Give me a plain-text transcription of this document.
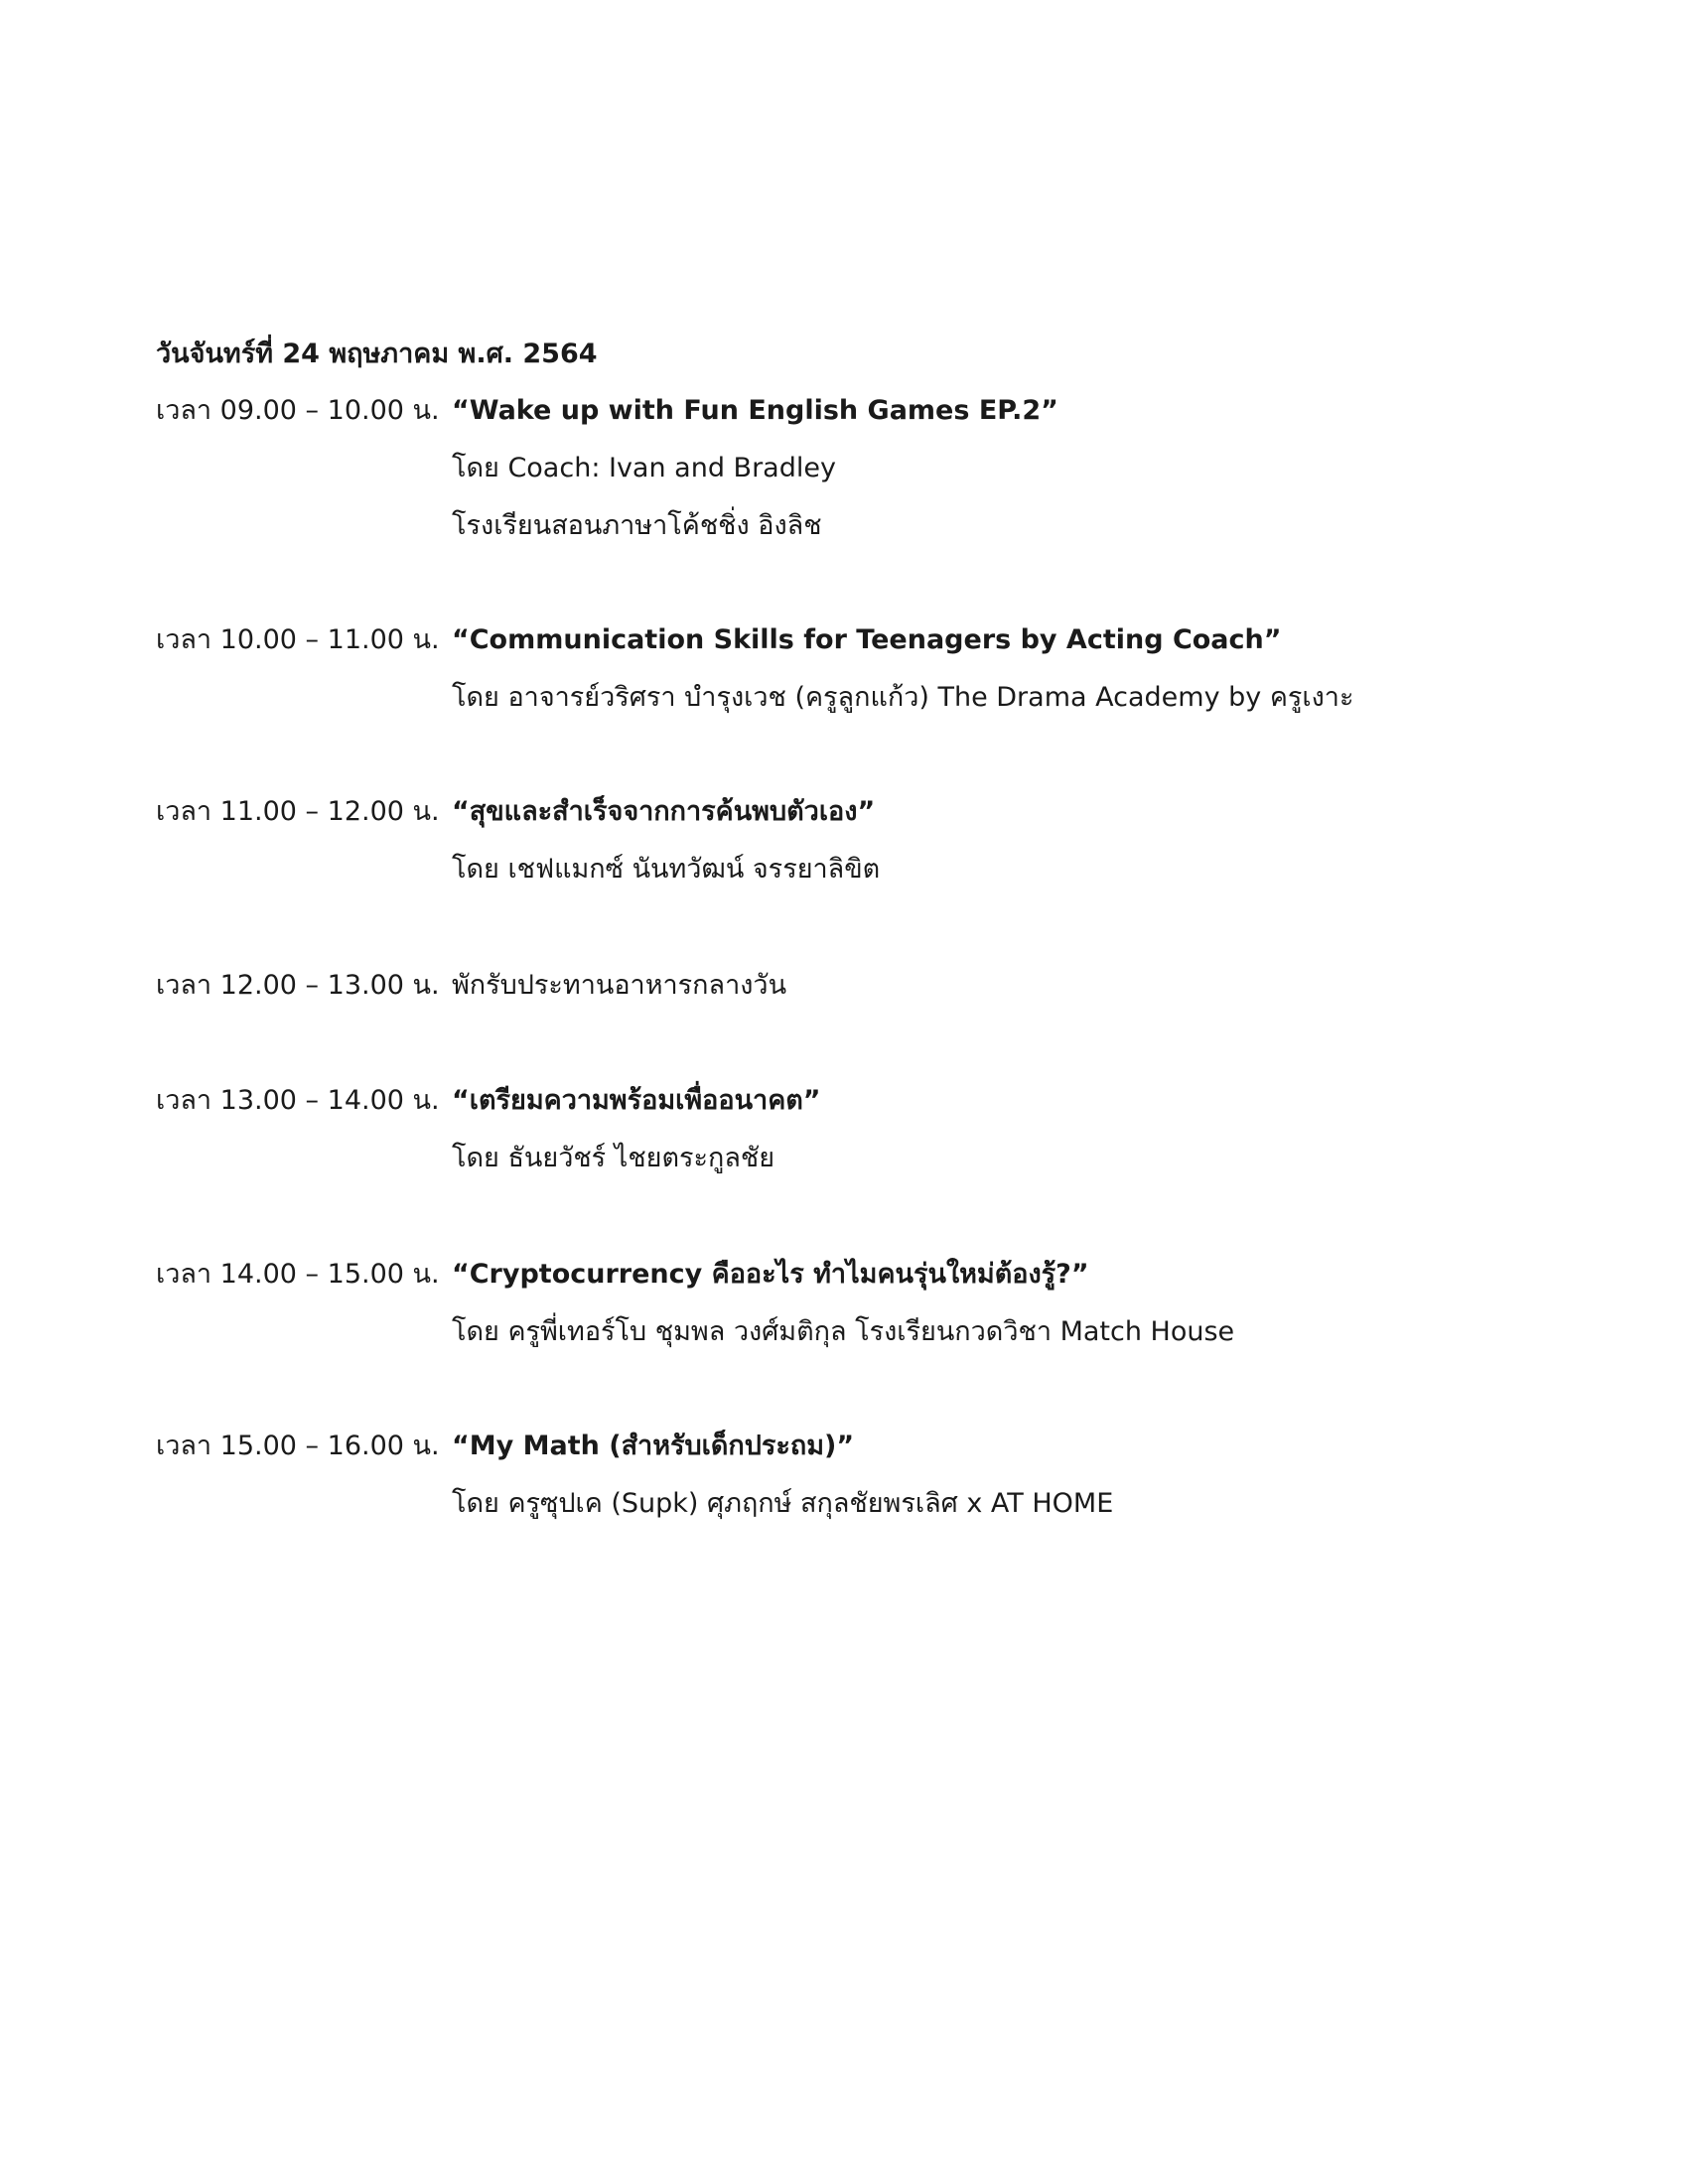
วันจันทร์ที่ 24 พฤษภาคม พ.ศ. 2564
เวลา 09.00 – 10.00 น. “Wake up with Fun English Games EP.2”
โดย Coach: Ivan and Bradley
โรงเรียนสอนภาษาโค้ชชิ่ง อิงลิช
เวลา 10.00 – 11.00 น. “Communication Skills for Teenagers by Acting Coach”
โดย อาจารย์วริศรา บำรุงเวช (ครูลูกแก้ว) The Drama Academy by ครูเงาะ
เวลา 11.00 – 12.00 น. “สุขและสำเร็จจากการค้นพบตัวเอง”
โดย เชฟแมกซ์ นันทวัฒน์ จรรยาลิขิต
เวลา 12.00 – 13.00 น. พักรับประทานอาหารกลางวัน
เวลา 13.00 – 14.00 น. “เตรียมความพร้อมเพื่ออนาคต”
โดย ธันยวัชร์ ไชยตระกูลชัย
เวลา 14.00 – 15.00 น. “Cryptocurrency คืออะไร ทำไมคนรุ่นใหม่ต้องรู้?”
โดย ครูพี่เทอร์โบ ชุมพล วงศ์มติกุล โรงเรียนกวดวิชา Match House
เวลา 15.00 – 16.00 น. “My Math (สำหรับเด็กประถม)”
โดย ครูซุปเค (Supk) ศุภฤกษ์ สกุลชัยพรเลิศ x AT HOME
